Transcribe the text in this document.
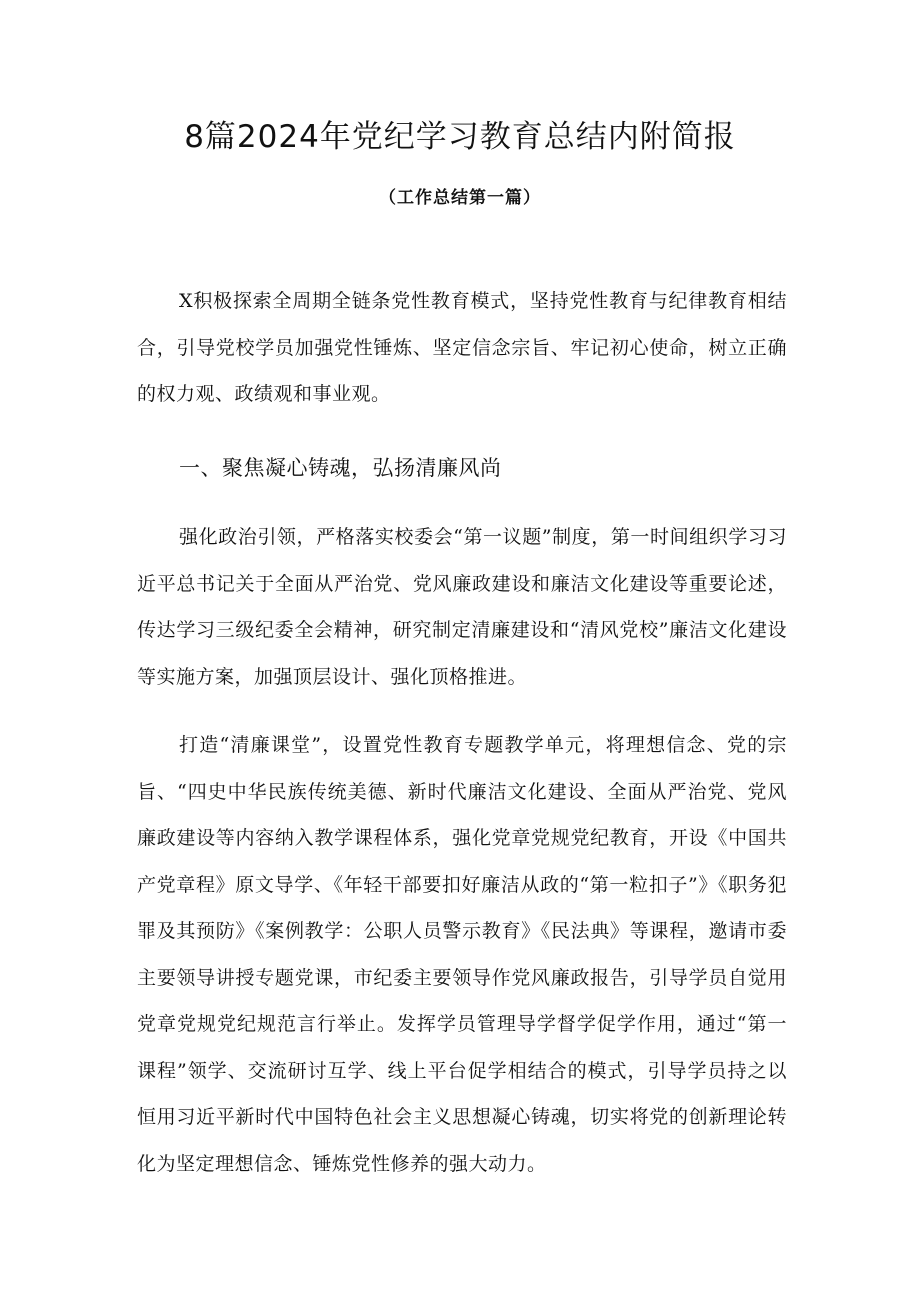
8篇2024年党纪学习教育总结内附简报
（工作总结第一篇）

X积极探索全周期全链条党性教育模式，坚持党性教育与纪律教育相结合，引导党校学员加强党性锤炼、坚定信念宗旨、牢记初心使命，树立正确的权力观、政绩观和事业观。

一、聚焦凝心铸魂，弘扬清廉风尚

强化政治引领，严格落实校委会“第一议题”制度，第一时间组织学习习近平总书记关于全面从严治党、党风廉政建设和廉洁文化建设等重要论述，传达学习三级纪委全会精神，研究制定清廉建设和“清风党校”廉洁文化建设等实施方案，加强顶层设计、强化顶格推进。

打造“清廉课堂”，设置党性教育专题教学单元，将理想信念、党的宗旨、“四史中华民族传统美德、新时代廉洁文化建设、全面从严治党、党风廉政建设等内容纳入教学课程体系，强化党章党规党纪教育，开设《中国共产党章程》原文导学、《年轻干部要扣好廉洁从政的“第一粒扣子”》《职务犯罪及其预防》《案例教学：公职人员警示教育》《民法典》等课程，邀请市委主要领导讲授专题党课，市纪委主要领导作党风廉政报告，引导学员自觉用党章党规党纪规范言行举止。发挥学员管理导学督学促学作用，通过“第一课程”领学、交流研讨互学、线上平台促学相结合的模式，引导学员持之以恒用习近平新时代中国特色社会主义思想凝心铸魂，切实将党的创新理论转化为坚定理想信念、锤炼党性修养的强大动力。
